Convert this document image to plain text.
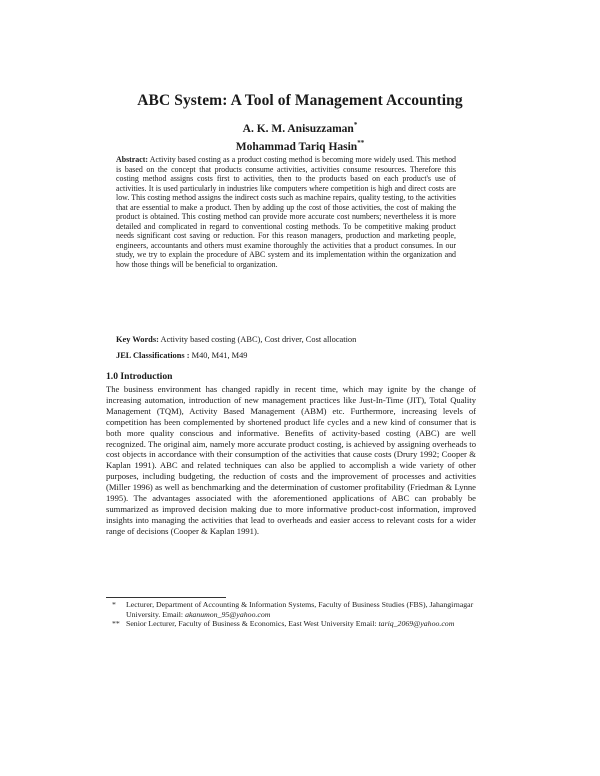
ABC System: A Tool of Management Accounting
A. K. M. Anisuzzaman*
Mohammad Tariq Hasin**
Abstract: Activity based costing as a product costing method is becoming more widely used. This method is based on the concept that products consume activities, activities consume resources. Therefore this costing method assigns costs first to activities, then to the products based on each product's use of activities. It is used particularly in industries like computers where competition is high and direct costs are low. This costing method assigns the indirect costs such as machine repairs, quality testing, to the activities that are essential to make a product. Then by adding up the cost of those activities, the cost of making the product is obtained. This costing method can provide more accurate cost numbers; nevertheless it is more detailed and complicated in regard to conventional costing methods. To be competitive making product needs significant cost saving or reduction. For this reason managers, production and marketing people, engineers, accountants and others must examine thoroughly the activities that a product consumes. In our study, we try to explain the procedure of ABC system and its implementation within the organization and how those things will be beneficial to organization.
Key Words: Activity based costing (ABC), Cost driver, Cost allocation
JEL Classifications : M40, M41, M49
1.0 Introduction
The business environment has changed rapidly in recent time, which may ignite by the change of increasing automation, introduction of new management practices like Just-In-Time (JIT), Total Quality Management (TQM), Activity Based Management (ABM) etc. Furthermore, increasing levels of competition has been complemented by shortened product life cycles and a new kind of consumer that is both more quality conscious and informative. Benefits of activity-based costing (ABC) are well recognized. The original aim, namely more accurate product costing, is achieved by assigning overheads to cost objects in accordance with their consumption of the activities that cause costs (Drury 1992; Cooper & Kaplan 1991). ABC and related techniques can also be applied to accomplish a wide variety of other purposes, including budgeting, the reduction of costs and the improvement of processes and activities (Miller 1996) as well as benchmarking and the determination of customer profitability (Friedman & Lynne 1995). The advantages associated with the aforementioned applications of ABC can probably be summarized as improved decision making due to more informative product-cost information, improved insights into managing the activities that lead to overheads and easier access to relevant costs for a wider range of decisions (Cooper & Kaplan 1991).
* Lecturer, Department of Accounting & Information Systems, Faculty of Business Studies (FBS), Jahangirnagar University. Email: akanumon_95@yahoo.com
** Senior Lecturer, Faculty of Business & Economics, East West University Email: tariq_2069@yahoo.com
